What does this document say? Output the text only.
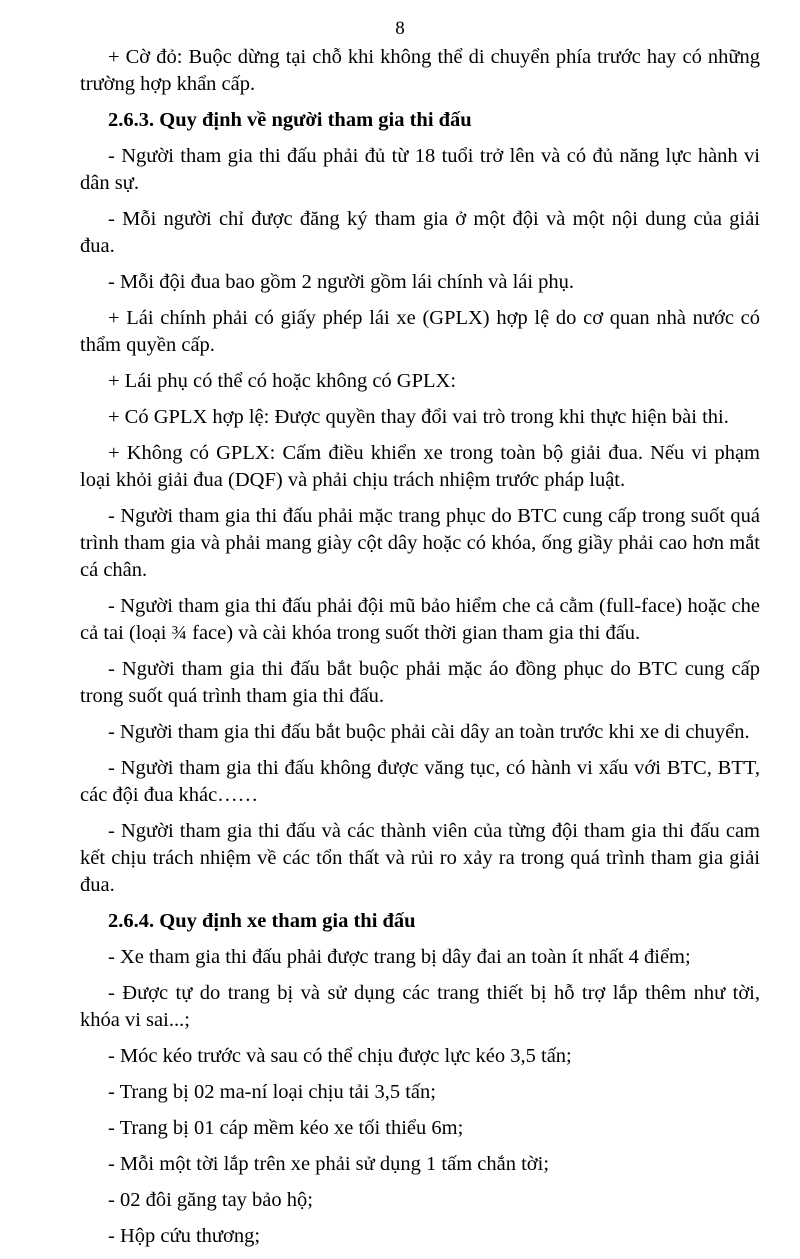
8

+ Cờ đỏ: Buộc dừng tại chỗ khi không thể di chuyển phía trước hay có những trường hợp khẩn cấp.

2.6.3. Quy định về người tham gia thi đấu

- Người tham gia thi đấu phải đủ từ 18 tuổi trở lên và có đủ năng lực hành vi dân sự.

- Mỗi người chỉ được đăng ký tham gia ở một đội và một nội dung của giải đua.

- Mỗi đội đua bao gồm 2 người gồm lái chính và lái phụ.

+ Lái chính phải có giấy phép lái xe (GPLX) hợp lệ do cơ quan nhà nước có thẩm quyền cấp.

+ Lái phụ có thể có hoặc không có GPLX:

+ Có GPLX hợp lệ: Được quyền thay đổi vai trò trong khi thực hiện bài thi.

+ Không có GPLX: Cấm điều khiển xe trong toàn bộ giải đua. Nếu vi phạm loại khỏi giải đua (DQF) và phải chịu trách nhiệm trước pháp luật.

- Người tham gia thi đấu phải mặc trang phục do BTC cung cấp trong suốt quá trình tham gia và phải mang giày cột dây hoặc có khóa, ống giầy phải cao hơn mắt cá chân.

- Người tham gia thi đấu phải đội mũ bảo hiểm che cả cằm (full-face) hoặc che cả tai (loại ¾ face) và cài khóa trong suốt thời gian tham gia thi đấu.

- Người tham gia thi đấu bắt buộc phải mặc áo đồng phục do BTC cung cấp trong suốt quá trình tham gia thi đấu.

- Người tham gia thi đấu bắt buộc phải cài dây an toàn trước khi xe di chuyển.

- Người tham gia thi đấu không được văng tục, có hành vi xấu với BTC, BTT, các đội đua khác……

- Người tham gia thi đấu và các thành viên của từng đội tham gia thi đấu cam kết chịu trách nhiệm về các tổn thất và rủi ro xảy ra trong quá trình tham gia giải đua.

2.6.4. Quy định xe tham gia thi đấu

- Xe tham gia thi đấu phải được trang bị dây đai an toàn ít nhất 4 điểm;

- Được tự do trang bị và sử dụng các trang thiết bị hỗ trợ lắp thêm như tời, khóa vi sai...;

- Móc kéo trước và sau có thể chịu được lực kéo 3,5 tấn;

- Trang bị 02 ma-ní loại chịu tải 3,5 tấn;

- Trang bị 01 cáp mềm kéo xe tối thiểu 6m;

- Mỗi một tời lắp trên xe phải sử dụng 1 tấm chắn tời;

- 02 đôi găng tay bảo hộ;

- Hộp cứu thương;
